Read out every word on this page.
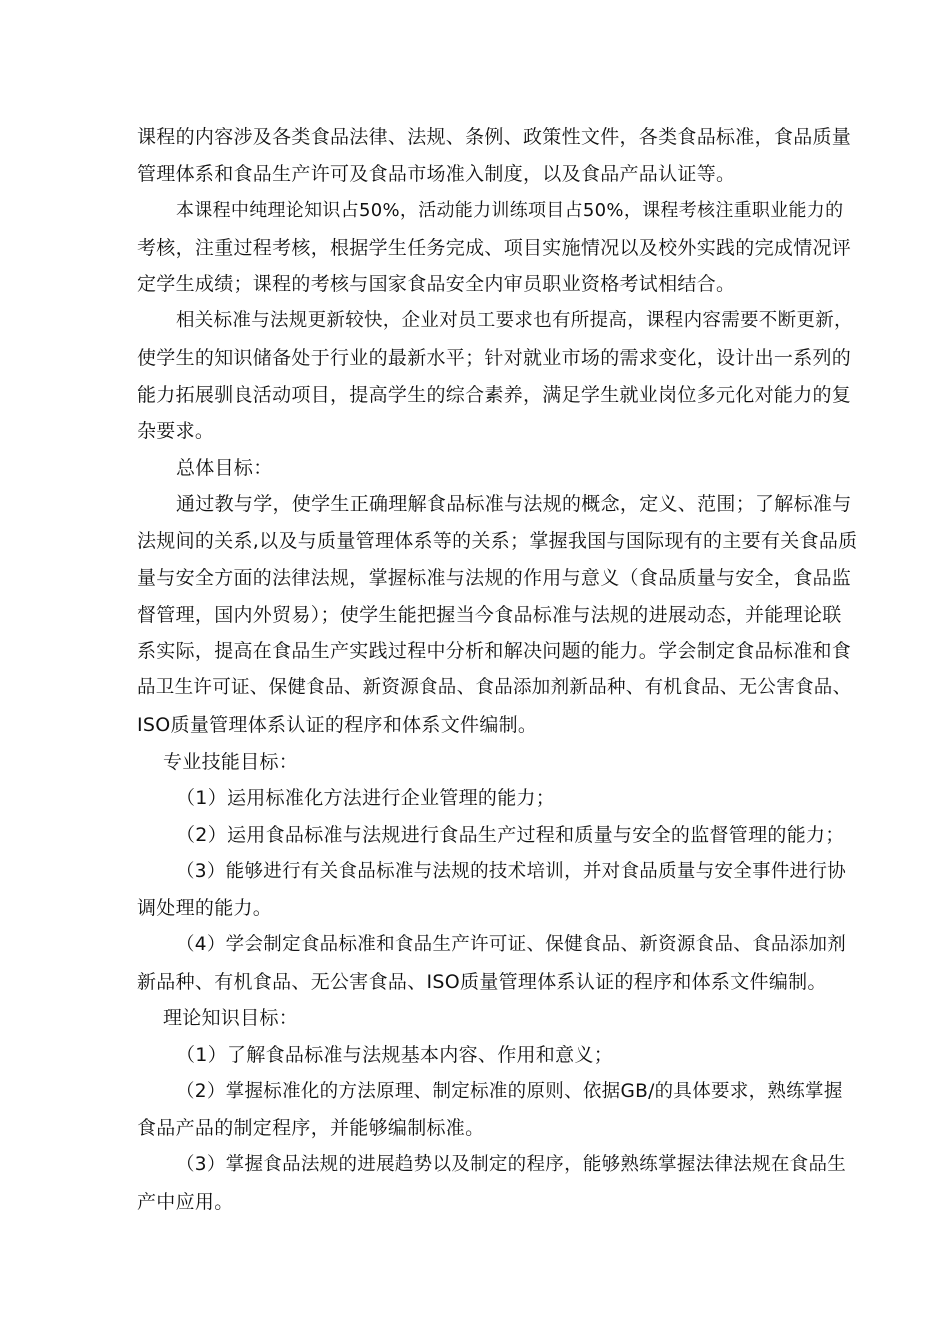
课程的内容涉及各类食品法律、法规、条例、政策性文件，各类食品标准，食品质量
管理体系和食品生产许可及食品市场准入制度，以及食品产品认证等。
本课程中纯理论知识占50%，活动能力训练项目占50%，课程考核注重职业能力的
考核，注重过程考核，根据学生任务完成、项目实施情况以及校外实践的完成情况评
定学生成绩；课程的考核与国家食品安全内审员职业资格考试相结合。
相关标准与法规更新较快，企业对员工要求也有所提高，课程内容需要不断更新，
使学生的知识储备处于行业的最新水平；针对就业市场的需求变化，设计出一系列的
能力拓展驯良活动项目，提高学生的综合素养，满足学生就业岗位多元化对能力的复
杂要求。
总体目标：
通过教与学，使学生正确理解食品标准与法规的概念，定义、范围；了解标准与
法规间的关系,以及与质量管理体系等的关系；掌握我国与国际现有的主要有关食品质
量与安全方面的法律法规，掌握标准与法规的作用与意义（食品质量与安全，食品监
督管理，国内外贸易）；使学生能把握当今食品标准与法规的进展动态，并能理论联
系实际，提高在食品生产实践过程中分析和解决问题的能力。学会制定食品标准和食
品卫生许可证、保健食品、新资源食品、食品添加剂新品种、有机食品、无公害食品、
ISO质量管理体系认证的程序和体系文件编制。
专业技能目标：
（1）运用标准化方法进行企业管理的能力；
（2）运用食品标准与法规进行食品生产过程和质量与安全的监督管理的能力；
（3）能够进行有关食品标准与法规的技术培训，并对食品质量与安全事件进行协
调处理的能力。
（4）学会制定食品标准和食品生产许可证、保健食品、新资源食品、食品添加剂
新品种、有机食品、无公害食品、ISO质量管理体系认证的程序和体系文件编制。
理论知识目标：
（1）了解食品标准与法规基本内容、作用和意义；
（2）掌握标准化的方法原理、制定标准的原则、依据GB/的具体要求，熟练掌握
食品产品的制定程序，并能够编制标准。
（3）掌握食品法规的进展趋势以及制定的程序，能够熟练掌握法律法规在食品生
产中应用。
